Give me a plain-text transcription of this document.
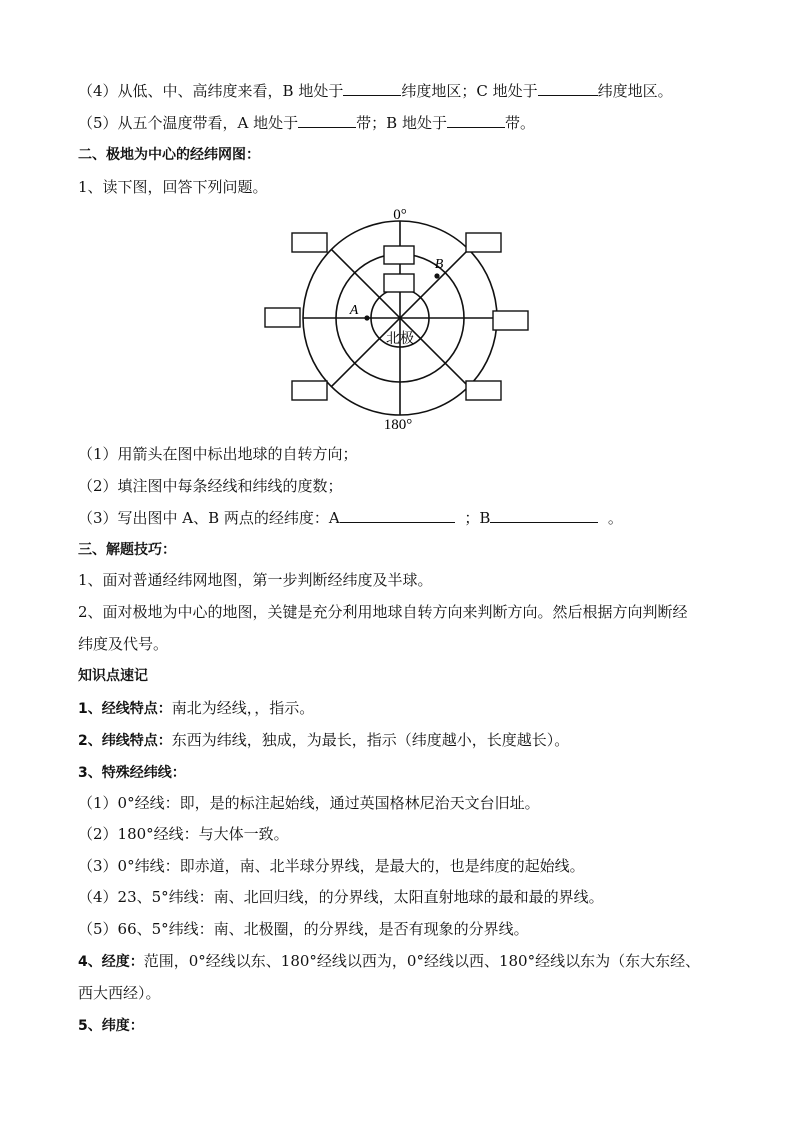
（4）从低、中、高纬度来看，B 地处于	纬度地区；C 地处于	纬度地区。
（5）从五个温度带看，A 地处于	带；B 地处于	带。
二、极地为中心的经纬网图：
1、读下图，回答下列问题。
0°
180°
A
B
北极
（1）用箭头在图中标出地球的自转方向；
（2）填注图中每条经线和纬线的度数；
（3）写出图中 A、B 两点的经纬度：A	；B	。
三、解题技巧：
1、面对普通经纬网地图，第一步判断经纬度及半球。
2、面对极地为中心的地图，关键是充分利用地球自转方向来判断方向。然后根据方向判断经
纬度及代号。
知识点速记
1、经线特点：南北为经线，，指示。
2、纬线特点：东西为纬线，独成，为最长，指示（纬度越小，长度越长）。
3、特殊经纬线：
（1）0°经线：即，是的标注起始线，通过英国格林尼治天文台旧址。
（2）180°经线：与大体一致。
（3）0°纬线：即赤道，南、北半球分界线，是最大的，也是纬度的起始线。
（4）23、5°纬线：南、北回归线，的分界线，太阳直射地球的最和最的界线。
（5）66、5°纬线：南、北极圈，的分界线，是否有现象的分界线。
4、经度：范围，0°经线以东、180°经线以西为，0°经线以西、180°经线以东为（东大东经、
西大西经）。
5、纬度：
